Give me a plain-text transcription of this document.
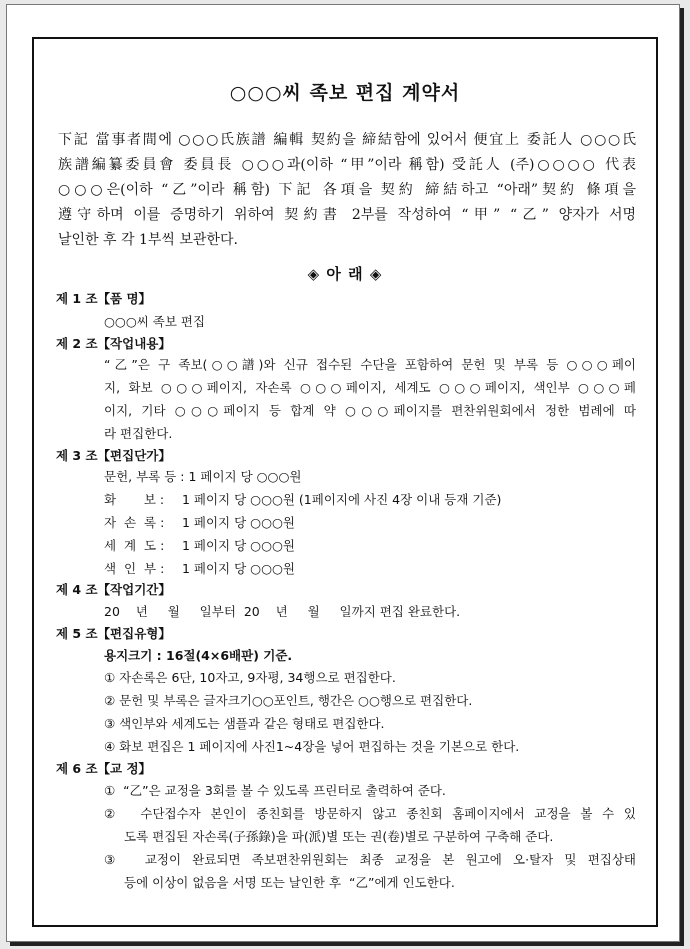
○○○씨 족보 편집 계약서
下記 當事者間에 ○○○氏族譜 編輯 契約을 締結함에 있어서 便宜上 委託人 ○○○氏
族譜編纂委員會 委員長 ○○○과(이하 “甲”이라 稱함) 受託人 (주)○○○○ 代表
○○○은(이하 “乙”이라 稱함) 下記 各項을 契約 締結하고 “아래”契約 條項을
遵守하며 이를 증명하기 위하여 契約書 2부를 작성하여 “甲” “乙” 양자가 서명
날인한 후 각 1부씩 보관한다.
◈ 아 래 ◈
제 1 조【품 명】
○○○씨 족보 편집
제 2 조【작업내용】
“乙”은 구 족보(○○譜)와 신규 접수된 수단을 포함하여 문헌 및 부록 등 ○○○페이
지, 화보 ○○○페이지, 자손록 ○○○페이지, 세계도 ○○○페이지, 색인부 ○○○페
이지, 기타 ○○○페이지 등 합계 약 ○○○페이지를 편찬위원회에서 정한 범례에 따
라 편집한다.
제 3 조【편집단가】
문헌, 부록 등 : 1 페이지 당 ○○○원
화       보 : 1 페이지 당 ○○○원 (1페이지에 사진 4장 이내 등재 기준)
자  손  록 : 1 페이지 당 ○○○원
세  계  도 : 1 페이지 당 ○○○원
색  인  부 : 1 페이지 당 ○○○원
제 4 조【작업기간】
20    년     월     일부터  20    년     월     일까지 편집 완료한다.
제 5 조【편집유형】
용지크기 : 16절(4×6배판) 기준.
① 자손록은 6단, 10자고, 9자평, 34행으로 편집한다.
② 문헌 및 부록은 글자크기○○포인트, 행간은 ○○행으로 편집한다.
③ 색인부와 세계도는 샘플과 같은 형태로 편집한다.
④ 화보 편집은 1 페이지에 사진1~4장을 넣어 편집하는 것을 기본으로 한다.
제 6 조【교 정】
①  “乙”은 교정을 3회를 볼 수 있도록 프린터로 출력하여 준다.
②  수단접수자 본인이 종친회를 방문하지 않고 종친회 홈페이지에서 교정을 볼 수 있
도록 편집된 자손록(子孫錄)을 파(派)별 또는 권(卷)별로 구분하여 구축해 준다.
③  교정이 완료되면 족보편찬위원회는 최종 교정을 본 원고에 오·탈자 및 편집상태
등에 이상이 없음을 서명 또는 날인한 후  “乙”에게 인도한다.
